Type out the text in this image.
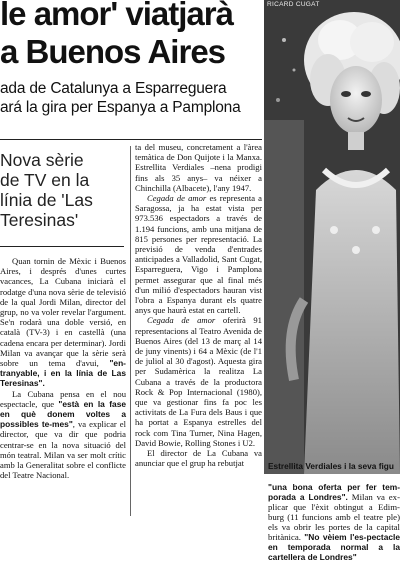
le amor' viatjarà
a Buenos Aires
ada de Catalunya a Esparreguera
ará la gira per Espanya a Pamplona
RICARD CUGAT
Estrellita Verdiales i la seva figu
Nova sèrie
de TV en la
línia de 'Las
Teresinas'

Quan tornin de Mèxic i Buenos Aires, i després d'unes curtes vacances, La Cubana iniciarà el rodatge d'una nova sèrie de televisió de la qual Jordi Milan, director del grup, no va voler revelar l'argument. Se'n rodarà una doble versió, en català (TV-3) i en castellà (una cadena encara per determinar). Jordi Milan va avançar que la sèrie serà sobre un tema d'avui, "en-tranyable, i en la línia de Las Teresinas".

La Cubana pensa en el nou espectacle, que "està en la fase en què donem voltes a possibles te-mes", va explicar el director, que va dir que podria centrar-se en la nova situació del món teatral. Milan va ser molt crític amb la Generalitat sobre el conflicte del Teatre Nacional.

ta del museu, concretament a l'àrea temàtica de Don Quijote i la Manxa. Estrellita Verdiales –nena prodigi fins als 35 anys– va néixer a Chinchilla (Albacete), l'any 1947.

Cegada de amor es representa a Saragossa, ja ha estat vista per 973.536 espectadors a través de 1.194 funcions, amb una mitjana de 815 persones per representació. La previsió de venda d'entrades anticipades a Valladolid, Sant Cugat, Esparreguera, Vigo i Pamplona permet assegurar que al final més d'un milió d'espectadors hauran vist l'obra a Espanya durant els quatre anys que haurà estat en cartell.

Cegada de amor oferirà 91 representacions al Teatro Avenida de Buenos Aires (del 13 de març al 14 de juny vinents) i 64 a Mèxic (de l'1 de juliol al 30 d'agost). Aquesta gira per Sudamèrica la realitza La Cubana a través de la productora Rock & Pop Internacional (1980), que va gestionar fins fa poc les activitats de La Fura dels Baus i que ha portat a Espanya estrelles del rock com Tina Turner, Nina Hagen, David Bowie, Rolling Stones i U2.

El director de La Cubana va anunciar que el grup ha rebutjat

"una bona oferta per fer tem-porada a Londres". Milan va ex-plicar que l'èxit obtingut a Edim-burg (11 funcions amb el teatre ple) els va obrir les portes de la capital britànica. "No vèiem l'es-pectacle en temporada normal a la cartellera de Londres"
